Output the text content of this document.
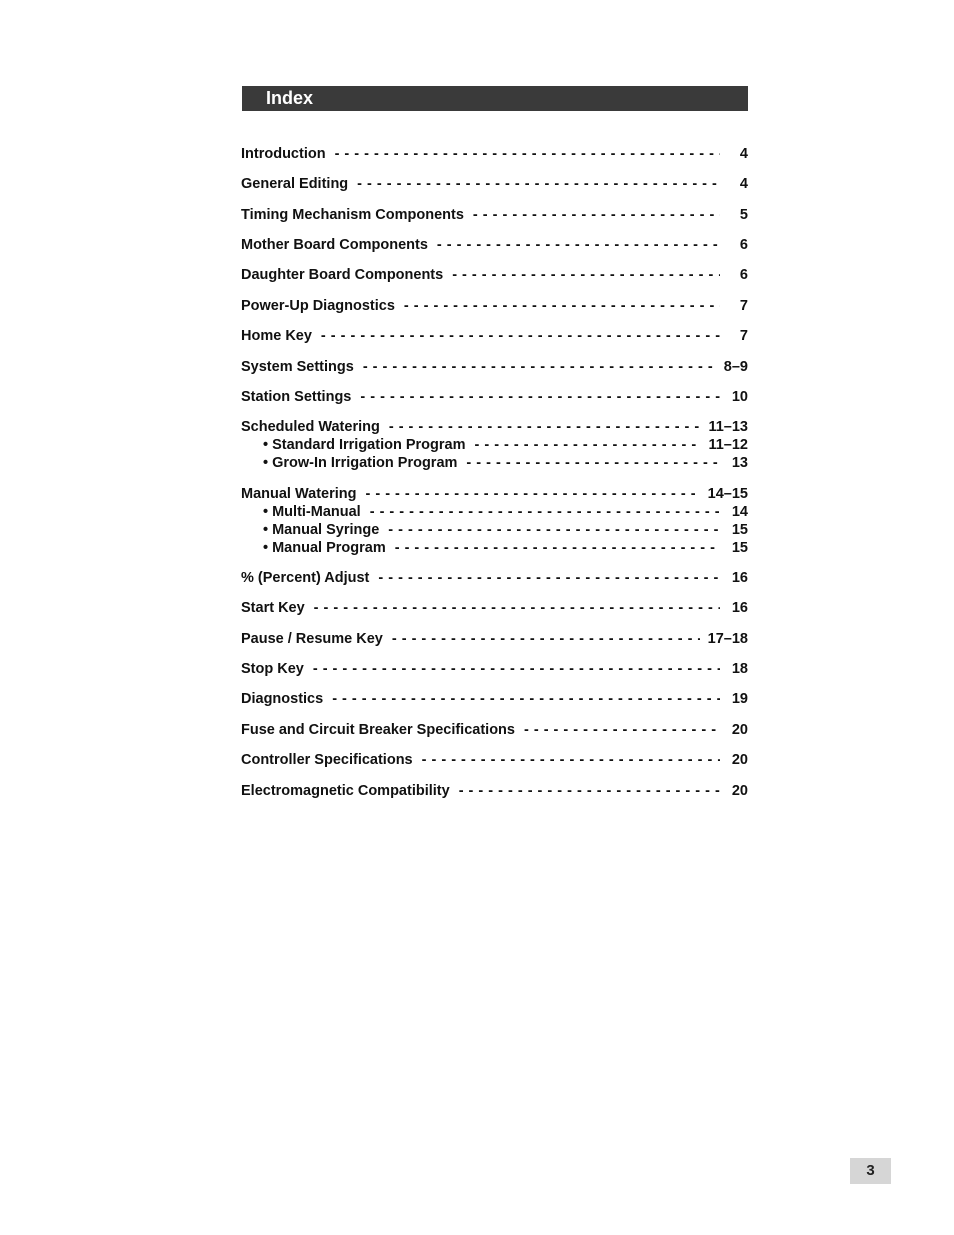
Index
Introduction - - -	4
General Editing - - -	4
Timing Mechanism Components - - -	5
Mother Board Components - - -	6
Daughter Board Components - - -	6
Power-Up Diagnostics - - -	7
Home Key - - -	7
System Settings - - -	8–9
Station Settings - - -	10
Scheduled Watering - - -	11–13
• Standard Irrigation Program - - -	11–12
• Grow-In Irrigation Program - - -	13
Manual Watering - - -	14–15
• Multi-Manual - - -	14
• Manual Syringe - - -	15
• Manual Program - - -	15
% (Percent) Adjust - - -	16
Start Key - - -	16
Pause / Resume Key - - -	17–18
Stop Key - - -	18
Diagnostics - - -	19
Fuse and Circuit Breaker Specifications - - -	20
Controller Specifications - - -	20
Electromagnetic Compatibility - - -	20
3
